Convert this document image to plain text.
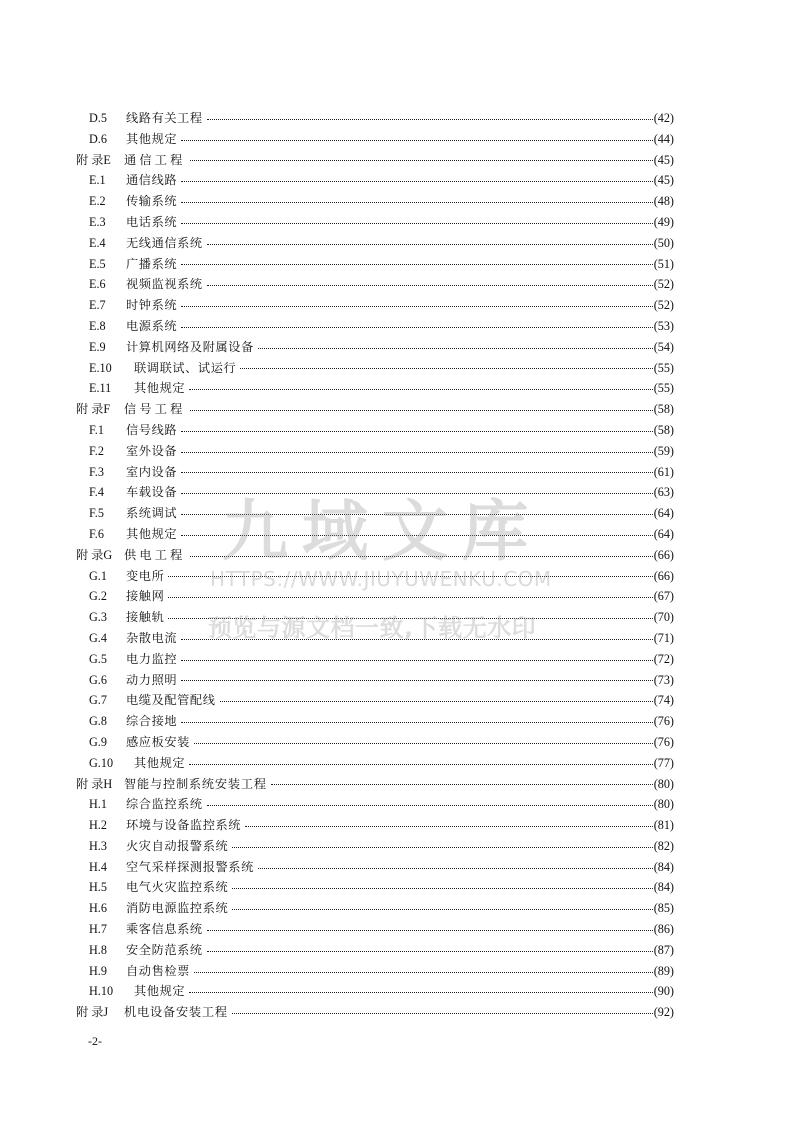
D.5	线路有关工程	(42)
D.6	其他规定	(44)
附 录E	通信工程	(45)
E.1	通信线路	(45)
E.2	传输系统	(48)
E.3	电话系统	(49)
E.4	无线通信系统	(50)
E.5	广播系统	(51)
E.6	视频监视系统	(52)
E.7	时钟系统	(52)
E.8	电源系统	(53)
E.9	计算机网络及附属设备	(54)
E.10	联调联试、试运行	(55)
E.11	其他规定	(55)
附 录F	信号工程	(58)
F.1	信号线路	(58)
F.2	室外设备	(59)
F.3	室内设备	(61)
F.4	车载设备	(63)
F.5	系统调试	(64)
F.6	其他规定	(64)
附 录G 供电工程	(66)
G.1	变电所	(66)
G.2	接触网	(67)
G.3	接触轨	(70)
G.4	杂散电流	(71)
G.5	电力监控	(72)
G.6	动力照明	(73)
G.7	电缆及配管配线	(74)
G.8	综合接地	(76)
G.9	感应板安装	(76)
G.10	其他规定	(77)
附 录H 智能与控制系统安装工程	(80)
H.1	综合监控系统	(80)
H.2	环境与设备监控系统	(81)
H.3	火灾自动报警系统	(82)
H.4	空气采样探测报警系统	(84)
H.5	电气火灾监控系统	(84)
H.6	消防电源监控系统	(85)
H.7	乘客信息系统	(86)
H.8	安全防范系统	(87)
H.9	自动售检票	(89)
H.10	其他规定	(90)
附 录J	机电设备安装工程	(92)
-2-
九域文库
HTTPS://WWW.JIUYUWENKU.COM
预览与源文档一致,下载无水印
